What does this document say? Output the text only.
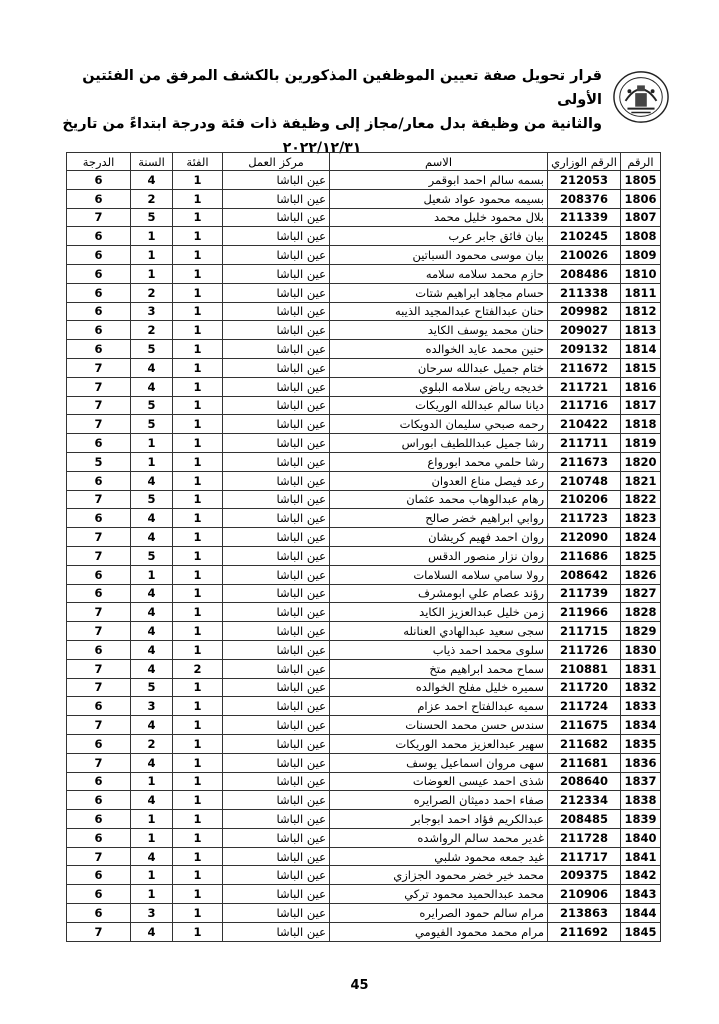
قرار تحويل صفة تعيين الموظفين المذكورين بالكشف المرفق من الفئتين الأولى
والثانية من وظيفة بدل معار/مجاز إلى وظيفة ذات فئة ودرجة ابتداءً من تاريخ
٢٠٢٢/١٢/٣١
الرقم	الرقم الوزاري	الاسم	مركز العمل	الفئة	السنة	الدرجة
1805	212053	بسمه سالم احمد ابوقمر	عين الباشا	1	4	6
1806	208376	بسيمه محمود عواد شعيل	عين الباشا	1	2	6
1807	211339	بلال محمود خليل محمد	عين الباشا	1	5	7
1808	210245	بيان فائق جابر عرب	عين الباشا	1	1	6
1809	210026	بيان موسى محمود السباتين	عين الباشا	1	1	6
1810	208486	حازم محمد سلامه سلامه	عين الباشا	1	1	6
1811	211338	حسام مجاهد ابراهيم شتات	عين الباشا	1	2	6
1812	209982	حنان عبدالفتاح عبدالمجيد الذيبه	عين الباشا	1	3	6
1813	209027	حنان محمد يوسف الكايد	عين الباشا	1	2	6
1814	209132	حنين محمد عايد الخوالده	عين الباشا	1	5	6
1815	211672	ختام جميل عبدالله سرحان	عين الباشا	1	4	7
1816	211721	خديجه رياض سلامه البلوي	عين الباشا	1	4	7
1817	211716	ديانا سالم عبدالله الوريكات	عين الباشا	1	5	7
1818	210422	رحمه صبحي سليمان الدويكات	عين الباشا	1	5	7
1819	211711	رشا جميل عبداللطيف ابوراس	عين الباشا	1	1	6
1820	211673	رشا حلمي محمد ابورواع	عين الباشا	1	1	5
1821	210748	رعد فيصل مناع العدوان	عين الباشا	1	4	6
1822	210206	رهام عبدالوهاب محمد عثمان	عين الباشا	1	5	7
1823	211723	روابي ابراهيم خضر صالح	عين الباشا	1	4	6
1824	212090	روان احمد فهيم كريشان	عين الباشا	1	4	7
1825	211686	روان نزار منصور الدقس	عين الباشا	1	5	7
1826	208642	رولا سامي سلامه السلامات	عين الباشا	1	1	6
1827	211739	رؤند عصام علي ابومشرف	عين الباشا	1	4	6
1828	211966	زمن خليل عبدالعزيز الكايد	عين الباشا	1	4	7
1829	211715	سجى سعيد عبدالهادي العنانله	عين الباشا	1	4	7
1830	211726	سلوى محمد احمد ذياب	عين الباشا	1	4	6
1831	210881	سماح محمد ابراهيم متخ	عين الباشا	2	4	7
1832	211720	سميره خليل مفلح الخوالده	عين الباشا	1	5	7
1833	211724	سميه عبدالفتاح احمد عزام	عين الباشا	1	3	6
1834	211675	سندس حسن محمد الحسنات	عين الباشا	1	4	7
1835	211682	سهير عبدالعزيز محمد الوريكات	عين الباشا	1	2	6
1836	211681	سهى مروان اسماعيل يوسف	عين الباشا	1	4	7
1837	208640	شذى احمد عيسى العوضات	عين الباشا	1	1	6
1838	212334	صفاء احمد دميثان الصرايره	عين الباشا	1	4	6
1839	208485	عبدالكريم فؤاد احمد ابوجابر	عين الباشا	1	1	6
1840	211728	غدير محمد سالم الرواشده	عين الباشا	1	1	6
1841	211717	غيد جمعه محمود شلبي	عين الباشا	1	4	7
1842	209375	محمد خير خضر محمود الجزازي	عين الباشا	1	1	6
1843	210906	محمد عبدالحميد محمود تركي	عين الباشا	1	1	6
1844	213863	مرام سالم حمود الصرايره	عين الباشا	1	3	6
1845	211692	مرام محمد محمود الفيومي	عين الباشا	1	4	7
45
